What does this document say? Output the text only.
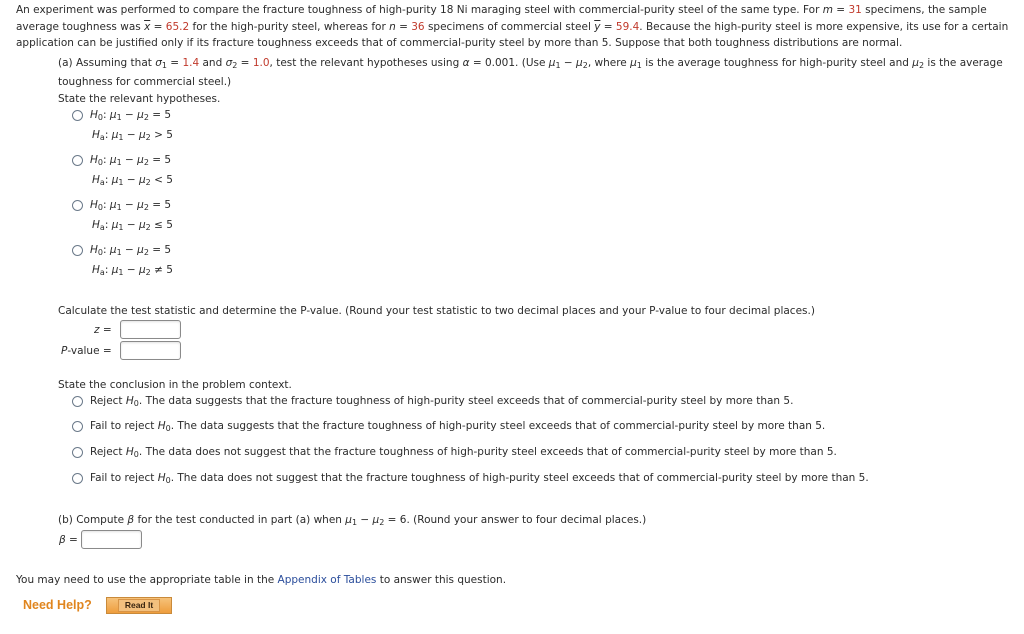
An experiment was performed to compare the fracture toughness of high-purity 18 Ni maraging steel with commercial-purity steel of the same type. For m = 31 specimens, the sample
average toughness was $\overline{x} = 65.2$ for the high-purity steel, whereas for n = 36 specimens of commercial steel $\overline{y} = 59.4$. Because the high-purity steel is more expensive, its use for a certain
application can be justified only if its fracture toughness exceeds that of commercial-purity steel by more than 5. Suppose that both toughness distributions are normal.
(a) Assuming that $\sigma_1 = 1.4$ and $\sigma_2 = 1.0$, test the relevant hypotheses using α = 0.001. (Use $\mu_1 - \mu_2$, where $\mu_1$ is the average toughness for high-purity steel and $\mu_2$ is the average
toughness for commercial steel.)
State the relevant hypotheses.
$H_0$: $\mu_1 - \mu_2 = 5$
$H_a$: $\mu_1 - \mu_2 > 5$
$H_0$: $\mu_1 - \mu_2 = 5$
$H_a$: $\mu_1 - \mu_2 < 5$
$H_0$: $\mu_1 - \mu_2 = 5$
$H_a$: $\mu_1 - \mu_2 \le 5$
$H_0$: $\mu_1 - \mu_2 = 5$
$H_a$: $\mu_1 - \mu_2 \ne 5$
Calculate the test statistic and determine the P-value. (Round your test statistic to two decimal places and your P-value to four decimal places.)
z =
P-value =
State the conclusion in the problem context.
Reject $H_0$. The data suggests that the fracture toughness of high-purity steel exceeds that of commercial-purity steel by more than 5.
Fail to reject $H_0$. The data suggests that the fracture toughness of high-purity steel exceeds that of commercial-purity steel by more than 5.
Reject $H_0$. The data does not suggest that the fracture toughness of high-purity steel exceeds that of commercial-purity steel by more than 5.
Fail to reject $H_0$. The data does not suggest that the fracture toughness of high-purity steel exceeds that of commercial-purity steel by more than 5.
(b) Compute β for the test conducted in part (a) when $\mu_1 - \mu_2 = 6$. (Round your answer to four decimal places.)
β =
You may need to use the appropriate table in the Appendix of Tables to answer this question.
Need Help?	Read It
